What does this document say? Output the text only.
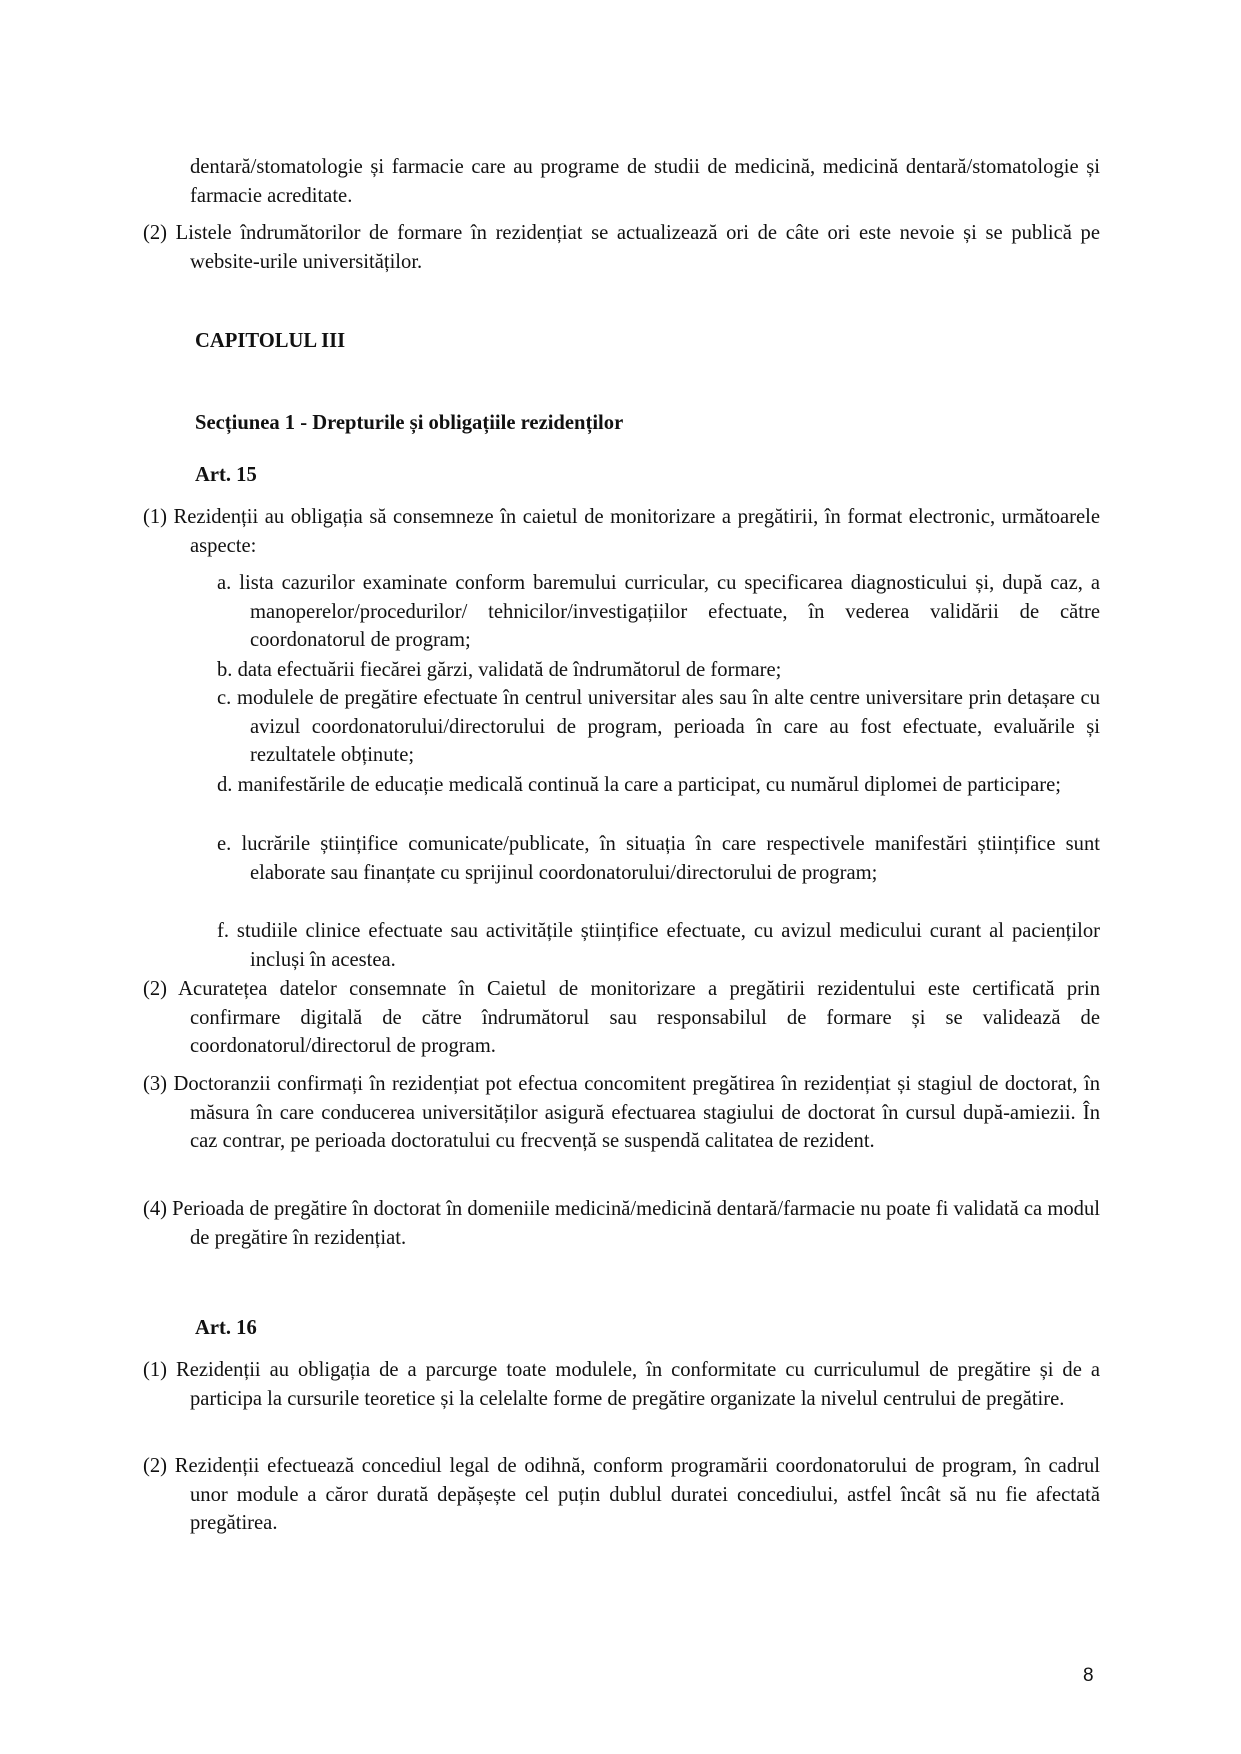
dentară/stomatologie și farmacie care au programe de studii de medicină, medicină dentară/stomatologie și farmacie acreditate.

(2) Listele îndrumătorilor de formare în rezidențiat se actualizează ori de câte ori este nevoie și se publică pe website-urile universităților.

CAPITOLUL III
Secțiunea 1 - Drepturile și obligațiile rezidenților
Art. 15

(1) Rezidenții au obligația să consemneze în caietul de monitorizare a pregătirii, în format electronic, următoarele aspecte:

a. lista cazurilor examinate conform baremului curricular, cu specificarea diagnosticului și, după caz, a manoperelor/procedurilor/ tehnicilor/investigațiilor efectuate, în vederea validării de către coordonatorul de program;

b. data efectuării fiecărei gărzi, validată de îndrumătorul de formare;

c. modulele de pregătire efectuate în centrul universitar ales sau în alte centre universitare prin detașare cu avizul coordonatorului/directorului de program, perioada în care au fost efectuate, evaluările și rezultatele obținute;

d. manifestările de educație medicală continuă la care a participat, cu numărul diplomei de participare;

e. lucrările științifice comunicate/publicate, în situația în care respectivele manifestări științifice sunt elaborate sau finanțate cu sprijinul coordonatorului/directorului de program;

f. studiile clinice efectuate sau activitățile științifice efectuate, cu avizul medicului curant al pacienților incluși în acestea.

(2) Acuratețea datelor consemnate în Caietul de monitorizare a pregătirii rezidentului este certificată prin confirmare digitală de către îndrumătorul sau responsabilul de formare și se validează de coordonatorul/directorul de program.

(3) Doctoranzii confirmați în rezidențiat pot efectua concomitent pregătirea în rezidențiat și stagiul de doctorat, în măsura în care conducerea universităților asigură efectuarea stagiului de doctorat în cursul după-amiezii. În caz contrar, pe perioada doctoratului cu frecvență se suspendă calitatea de rezident.

(4) Perioada de pregătire în doctorat în domeniile medicină/medicină dentară/farmacie nu poate fi validată ca modul de pregătire în rezidențiat.

Art. 16

(1) Rezidenții au obligația de a parcurge toate modulele, în conformitate cu curriculumul de pregătire și de a participa la cursurile teoretice și la celelalte forme de pregătire organizate la nivelul centrului de pregătire.

(2) Rezidenții efectuează concediul legal de odihnă, conform programării coordonatorului de program, în cadrul unor module a căror durată depășește cel puțin dublul duratei concediului, astfel încât să nu fie afectată pregătirea.

8
